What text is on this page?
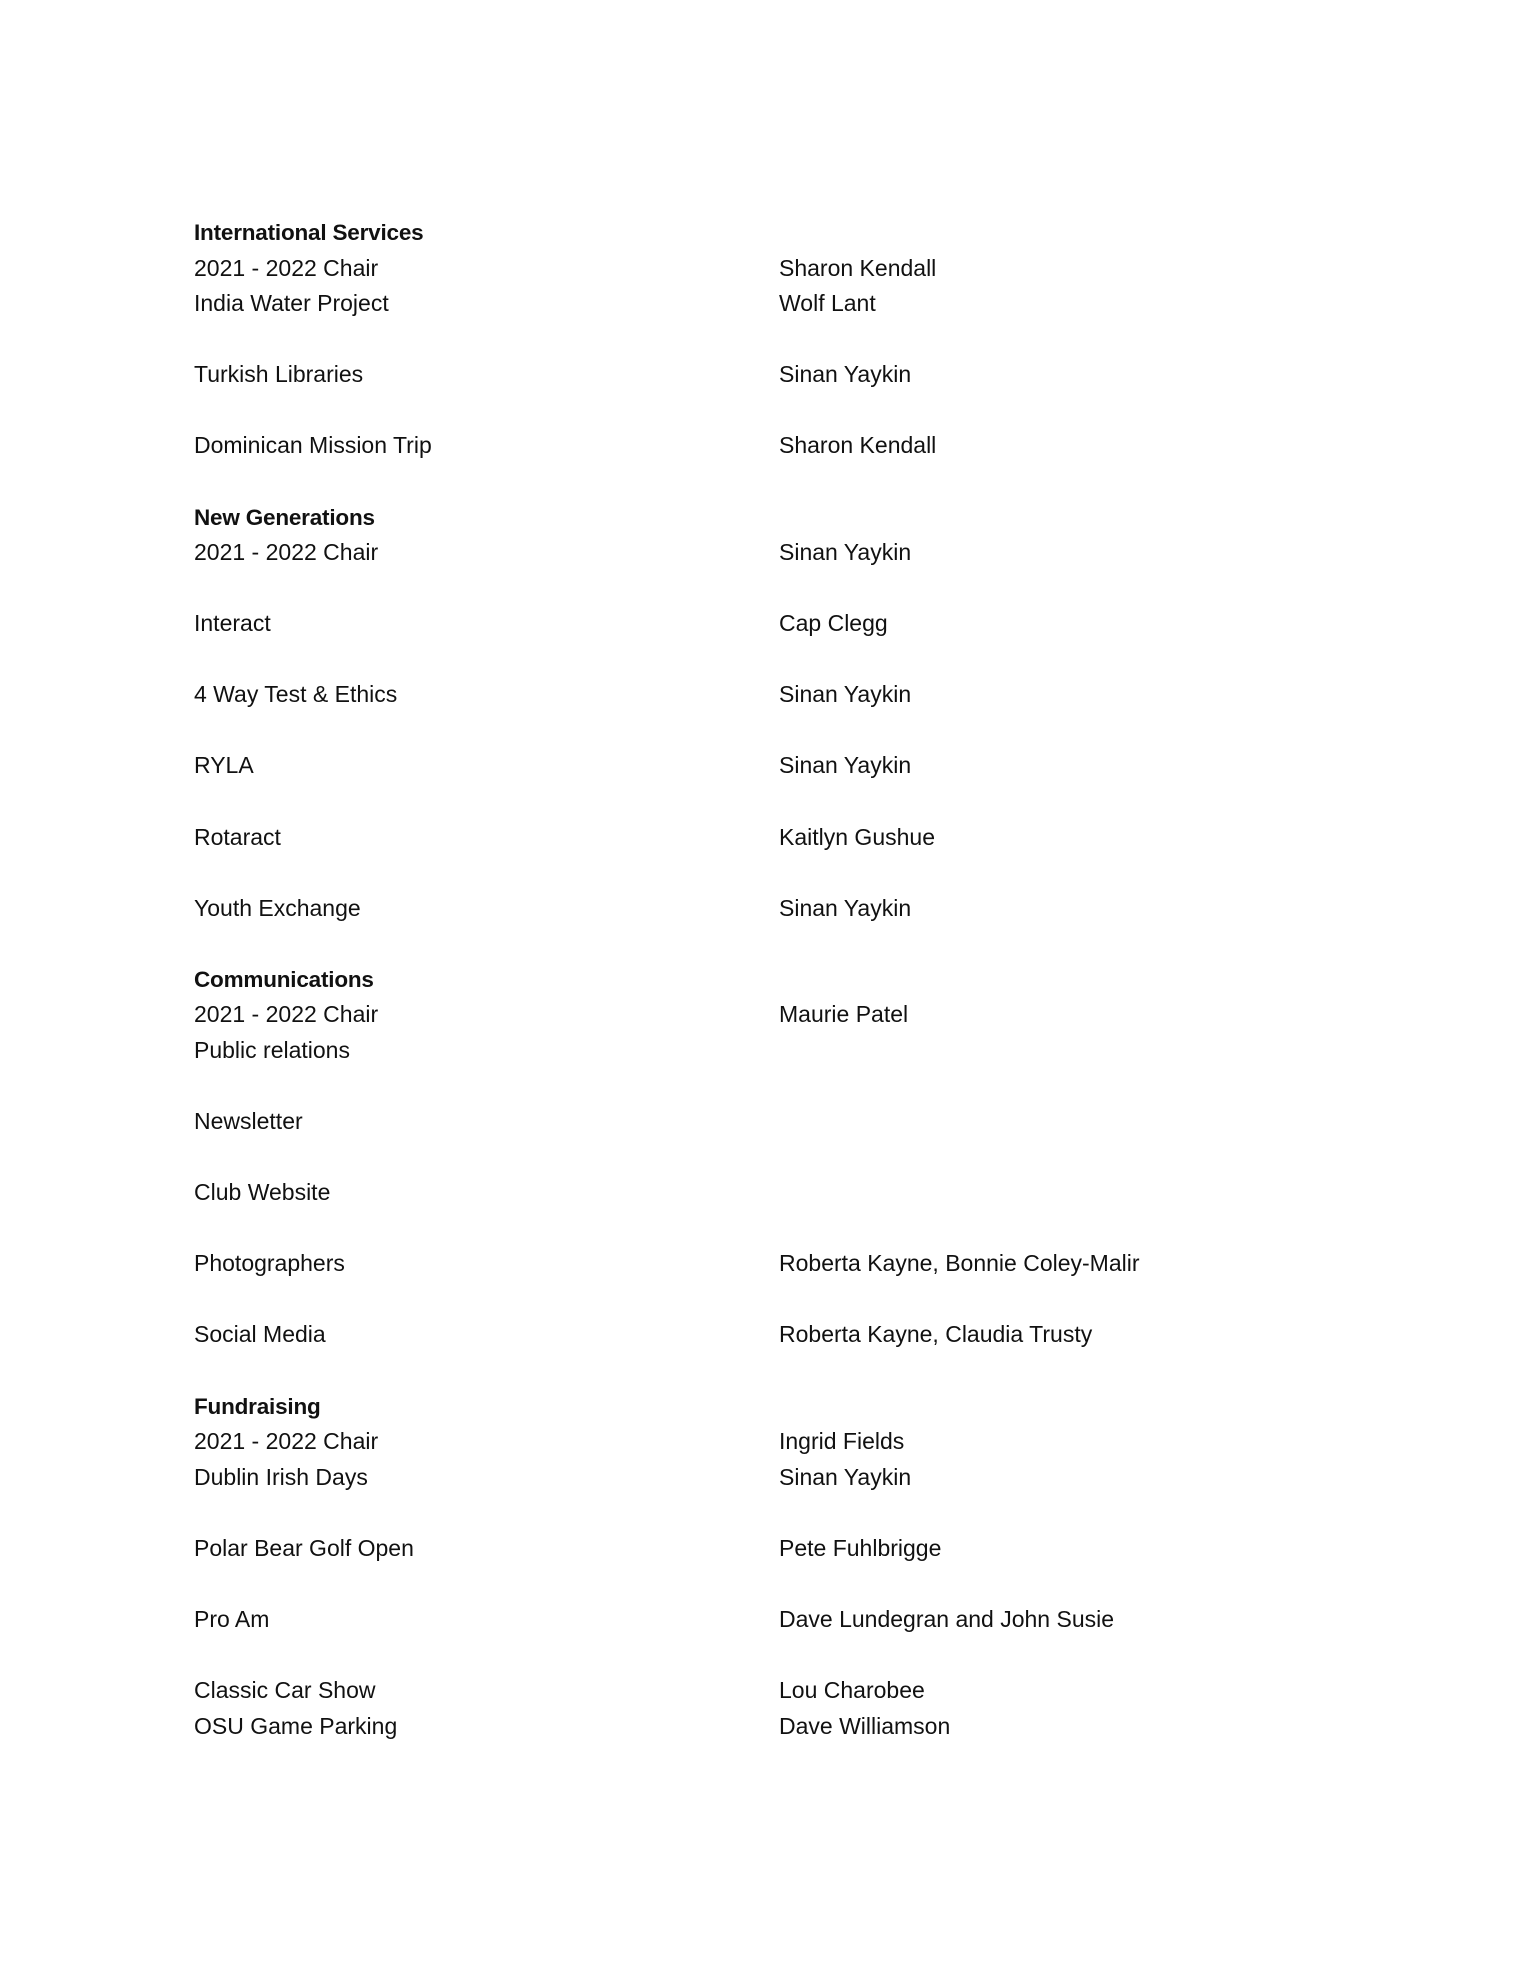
International Services
2021 - 2022 Chair	Sharon Kendall
India Water Project	Wolf Lant
Turkish Libraries	Sinan Yaykin
Dominican Mission Trip	Sharon Kendall
New Generations
2021 - 2022 Chair	Sinan Yaykin
Interact	Cap Clegg
4 Way Test & Ethics	Sinan Yaykin
RYLA	Sinan Yaykin
Rotaract	Kaitlyn Gushue
Youth Exchange	Sinan Yaykin
Communications
2021 - 2022 Chair	Maurie Patel
Public relations
Newsletter
Club Website
Photographers	Roberta Kayne, Bonnie Coley-Malir
Social Media	Roberta Kayne, Claudia Trusty
Fundraising
2021 - 2022 Chair	Ingrid Fields
Dublin Irish Days	Sinan Yaykin
Polar Bear Golf Open	Pete Fuhlbrigge
Pro Am	Dave Lundegran and John Susie
Classic Car Show	Lou Charobee
OSU Game Parking	Dave Williamson
